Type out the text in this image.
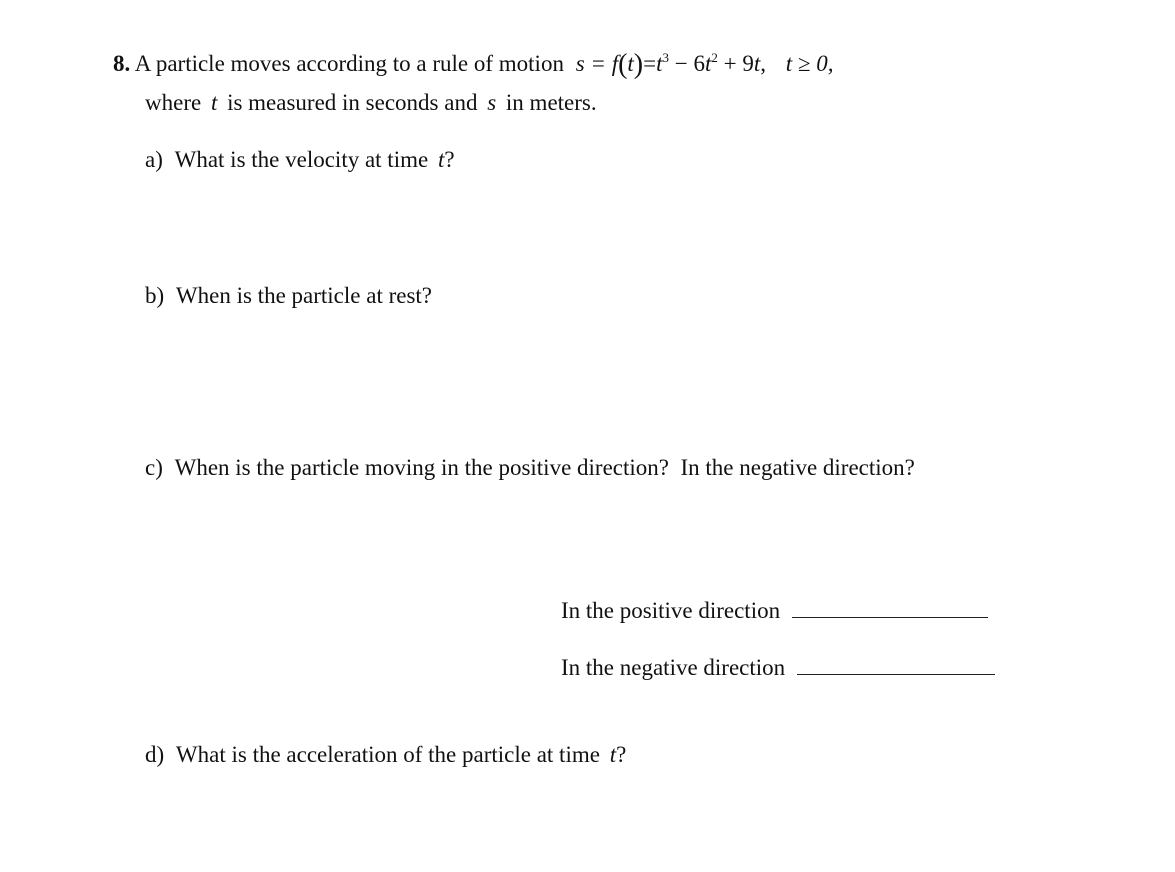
8. A particle moves according to a rule of motion $s = f(t)=t^3 - 6t^2 + 9t$, t ≥ 0,
where t is measured in seconds and s in meters.
a) What is the velocity at time t?
b) When is the particle at rest?
c) When is the particle moving in the positive direction?  In the negative direction?
In the positive direction
In the negative direction
d) What is the acceleration of the particle at time t?
